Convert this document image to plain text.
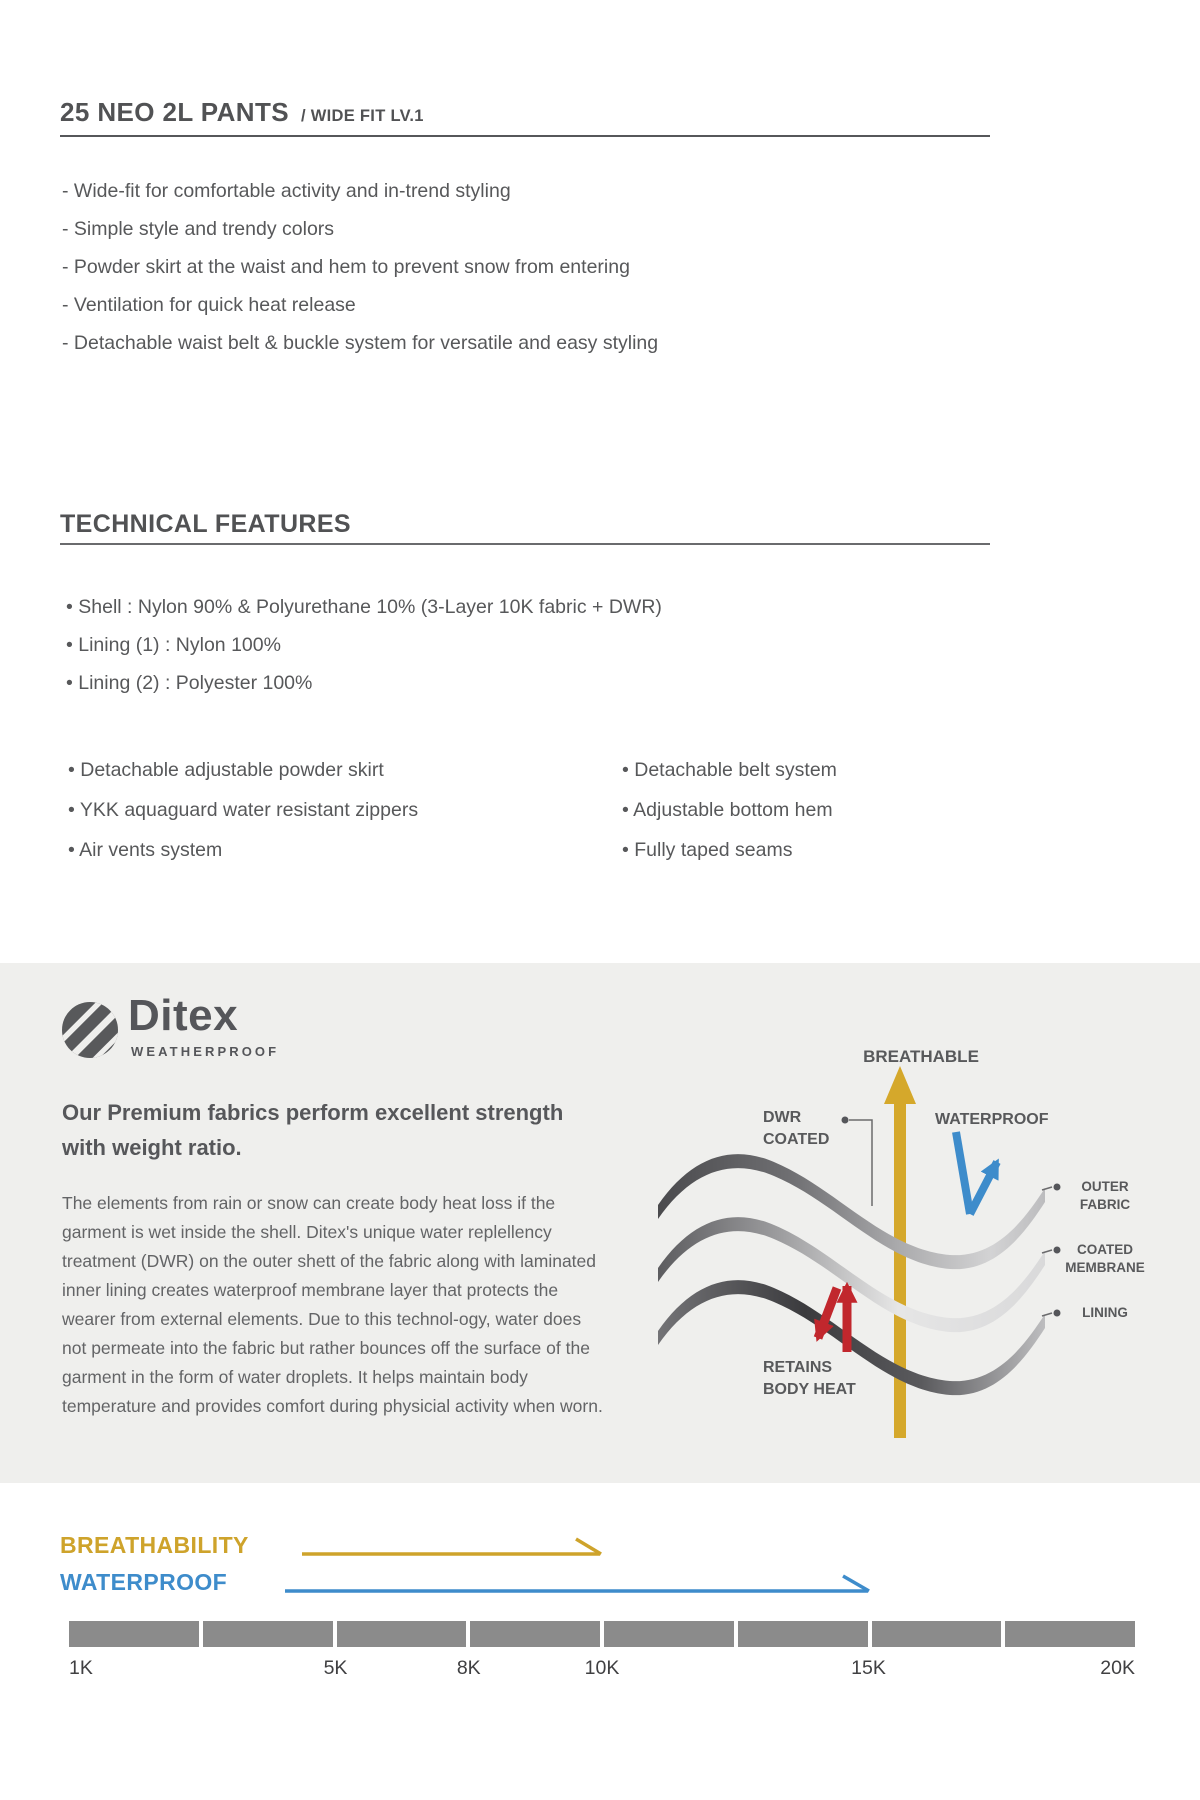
25 NEO 2L PANTS / WIDE FIT LV.1
- Wide-fit for comfortable activity and in-trend styling
- Simple style and trendy colors
- Powder skirt at the waist and hem to prevent snow from entering
- Ventilation for quick heat release
- Detachable waist belt & buckle system for versatile and easy styling
TECHNICAL FEATURES
• Shell : Nylon 90% & Polyurethane 10% (3-Layer 10K fabric + DWR)
• Lining (1) : Nylon 100%
• Lining (2) : Polyester 100%
• Detachable adjustable powder skirt
• YKK aquaguard water resistant zippers
• Air vents system
• Detachable belt system
• Adjustable bottom hem
• Fully taped seams
Ditex
WEATHERPROOF
Our Premium fabrics perform excellent strength with weight ratio.
The elements from rain or snow can create body heat loss if the garment is wet inside the shell. Ditex's unique water replellency treatment (DWR) on the outer shett of the fabric along with laminated inner lining creates waterproof membrane layer that protects the wearer from external elements. Due to this technol-ogy, water does not permeate into the fabric but rather bounces off the surface of the garment in the form of water droplets. It helps maintain body temperature and provides comfort during physicial activity when worn.
BREATHABLE
DWR
COATED
WATERPROOF
RETAINS
BODY HEAT
OUTER
FABRIC
COATED
MEMBRANE
LINING
BREATHABILITY
WATERPROOF
1K	5K	8K	10K	15K	20K
